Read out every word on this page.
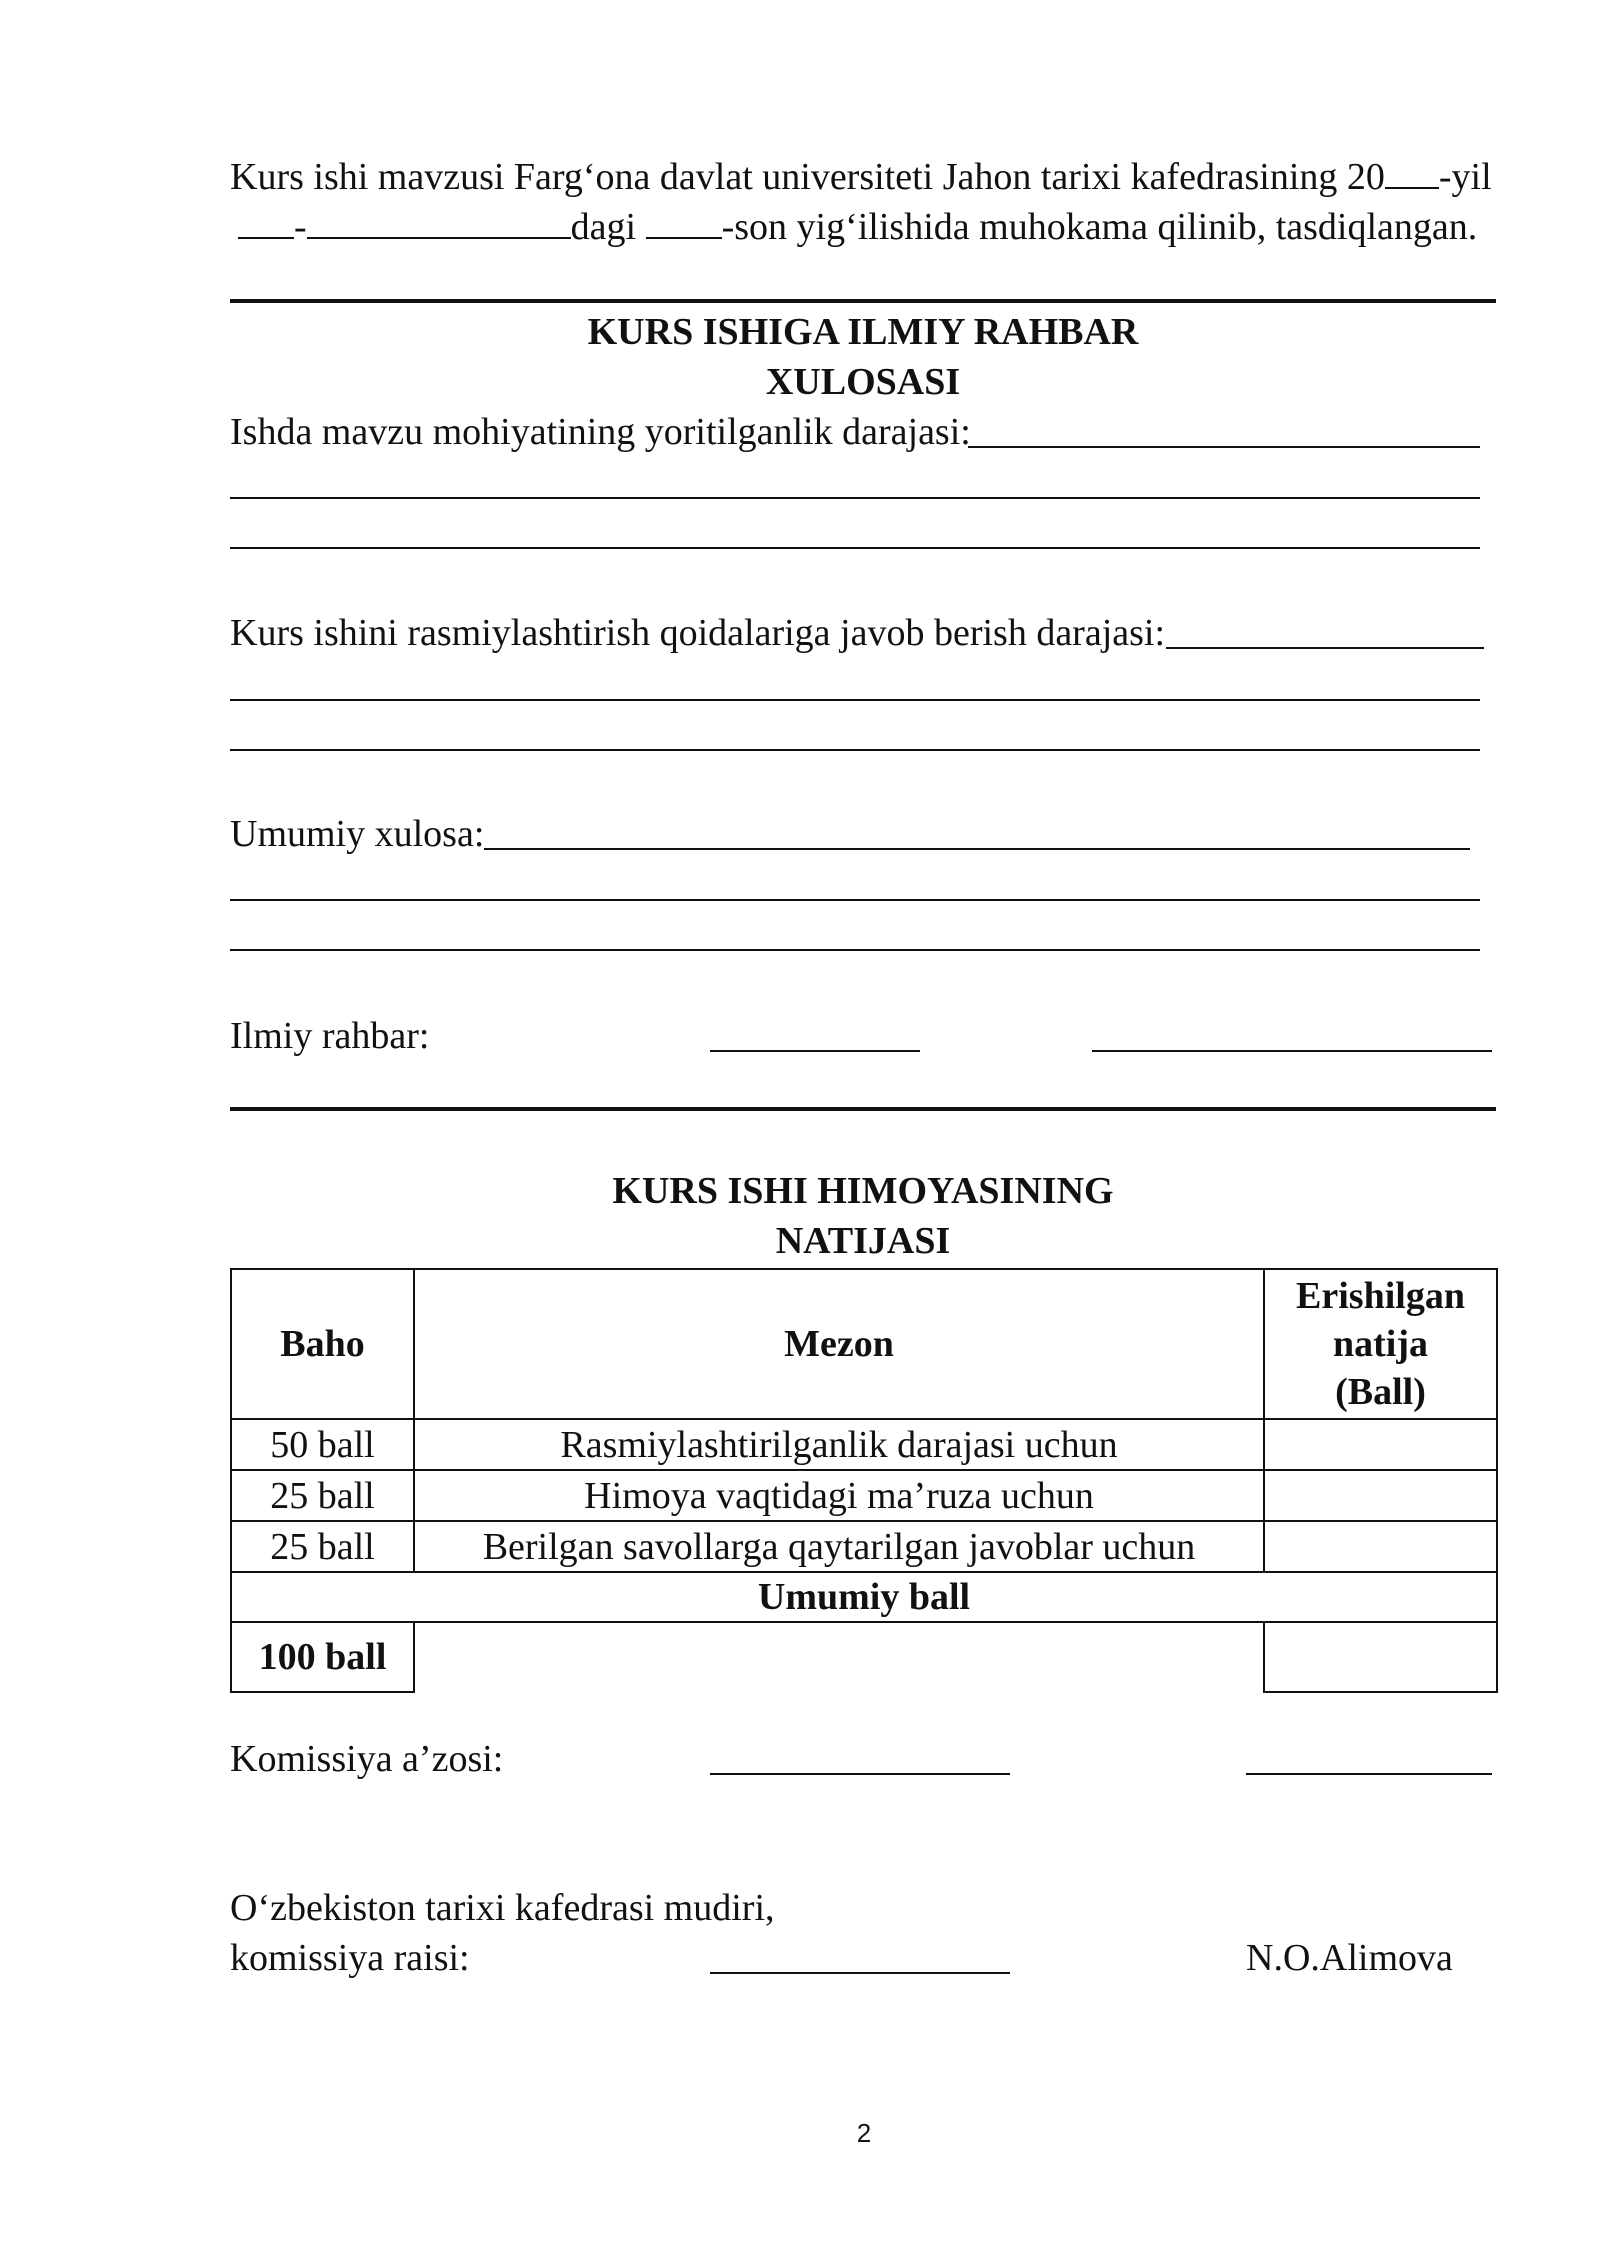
Kurs ishi mavzusi Farg‘ona davlat universiteti Jahon tarixi kafedrasining 20 -yil
-	dagi -son yig‘ilishida muhokama qilinib, tasdiqlangan.
KURS ISHIGA ILMIY RAHBAR
XULOSASI
Ishda mavzu mohiyatining yoritilganlik darajasi:
Kurs ishini rasmiylashtirish qoidalariga javob berish darajasi:
Umumiy xulosa:
Ilmiy rahbar:
KURS ISHI HIMOYASINING
NATIJASI
Baho	Mezon	Erishilgan
natija
(Ball)

50 ball	Rasmiylashtirilganlik darajasi uchun	
25 ball	Himoya vaqtidagi ma’ruza uchun	
25 ball	Berilgan savollarga qaytarilgan javoblar uchun	
Umumiy ball		
100 ball		
Komissiya a’zosi:
O‘zbekiston tarixi kafedrasi mudiri,
komissiya raisi:	N.O.Alimova
2
